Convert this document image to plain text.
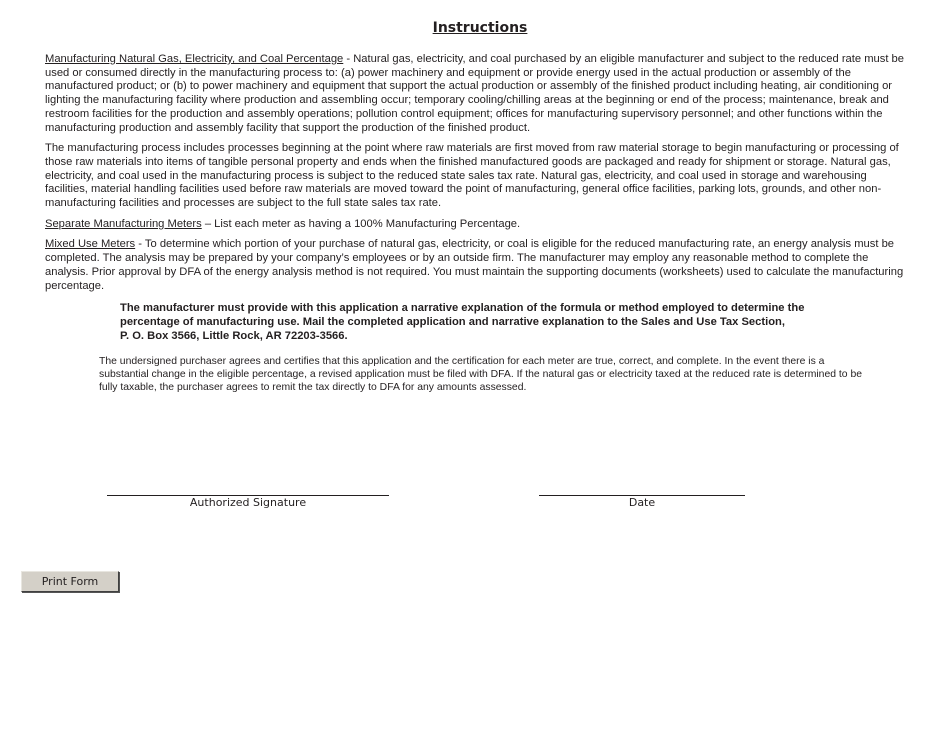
Instructions

Manufacturing Natural Gas, Electricity, and Coal Percentage - Natural gas, electricity, and coal purchased by an eligible manufacturer and subject to the reduced rate must be used or consumed directly in the manufacturing process to: (a) power machinery and equipment or provide energy used in the actual production or assembly of the manufactured product; or (b) to power machinery and equipment that support the actual production or assembly of the finished product including heating, air conditioning or lighting the manufacturing facility where production and assembling occur; temporary cooling/chilling areas at the beginning or end of the process; maintenance, break and restroom facilities for the production and assembly operations; pollution control equipment; offices for manufacturing supervisory personnel; and other functions within the manufacturing production and assembly facility that support the production of the finished product.

The manufacturing process includes processes beginning at the point where raw materials are first moved from raw material storage to begin manufacturing or processing of those raw materials into items of tangible personal property and ends when the finished manufactured goods are packaged and ready for shipment or storage. Natural gas, electricity, and coal used in the manufacturing process is subject to the reduced state sales tax rate. Natural gas, electricity, and coal used in storage and warehousing facilities, material handling facilities used before raw materials are moved toward the point of manufacturing, general office facilities, parking lots, grounds, and other non-manufacturing facilities and processes are subject to the full state sales tax rate.

Separate Manufacturing Meters – List each meter as having a 100% Manufacturing Percentage.

Mixed Use Meters - To determine which portion of your purchase of natural gas, electricity, or coal is eligible for the reduced manufacturing rate, an energy analysis must be completed. The analysis may be prepared by your company’s employees or by an outside firm. The manufacturer may employ any reasonable method to complete the analysis. Prior approval by DFA of the energy analysis method is not required. You must maintain the supporting documents (worksheets) used to calculate the manufacturing percentage.

The manufacturer must provide with this application a narrative explanation of the formula or method employed to determine the
percentage of manufacturing use. Mail the completed application and narrative explanation to the Sales and Use Tax Section,
P. O. Box 3566, Little Rock, AR 72203-3566.

The undersigned purchaser agrees and certifies that this application and the certification for each meter are true, correct, and complete. In the event there is a substantial change in the eligible percentage, a revised application must be filed with DFA. If the natural gas or electricity taxed at the reduced rate is determined to be fully taxable, the purchaser agrees to remit the tax directly to DFA for any amounts assessed.

Authorized Signature	Date
Print Form
